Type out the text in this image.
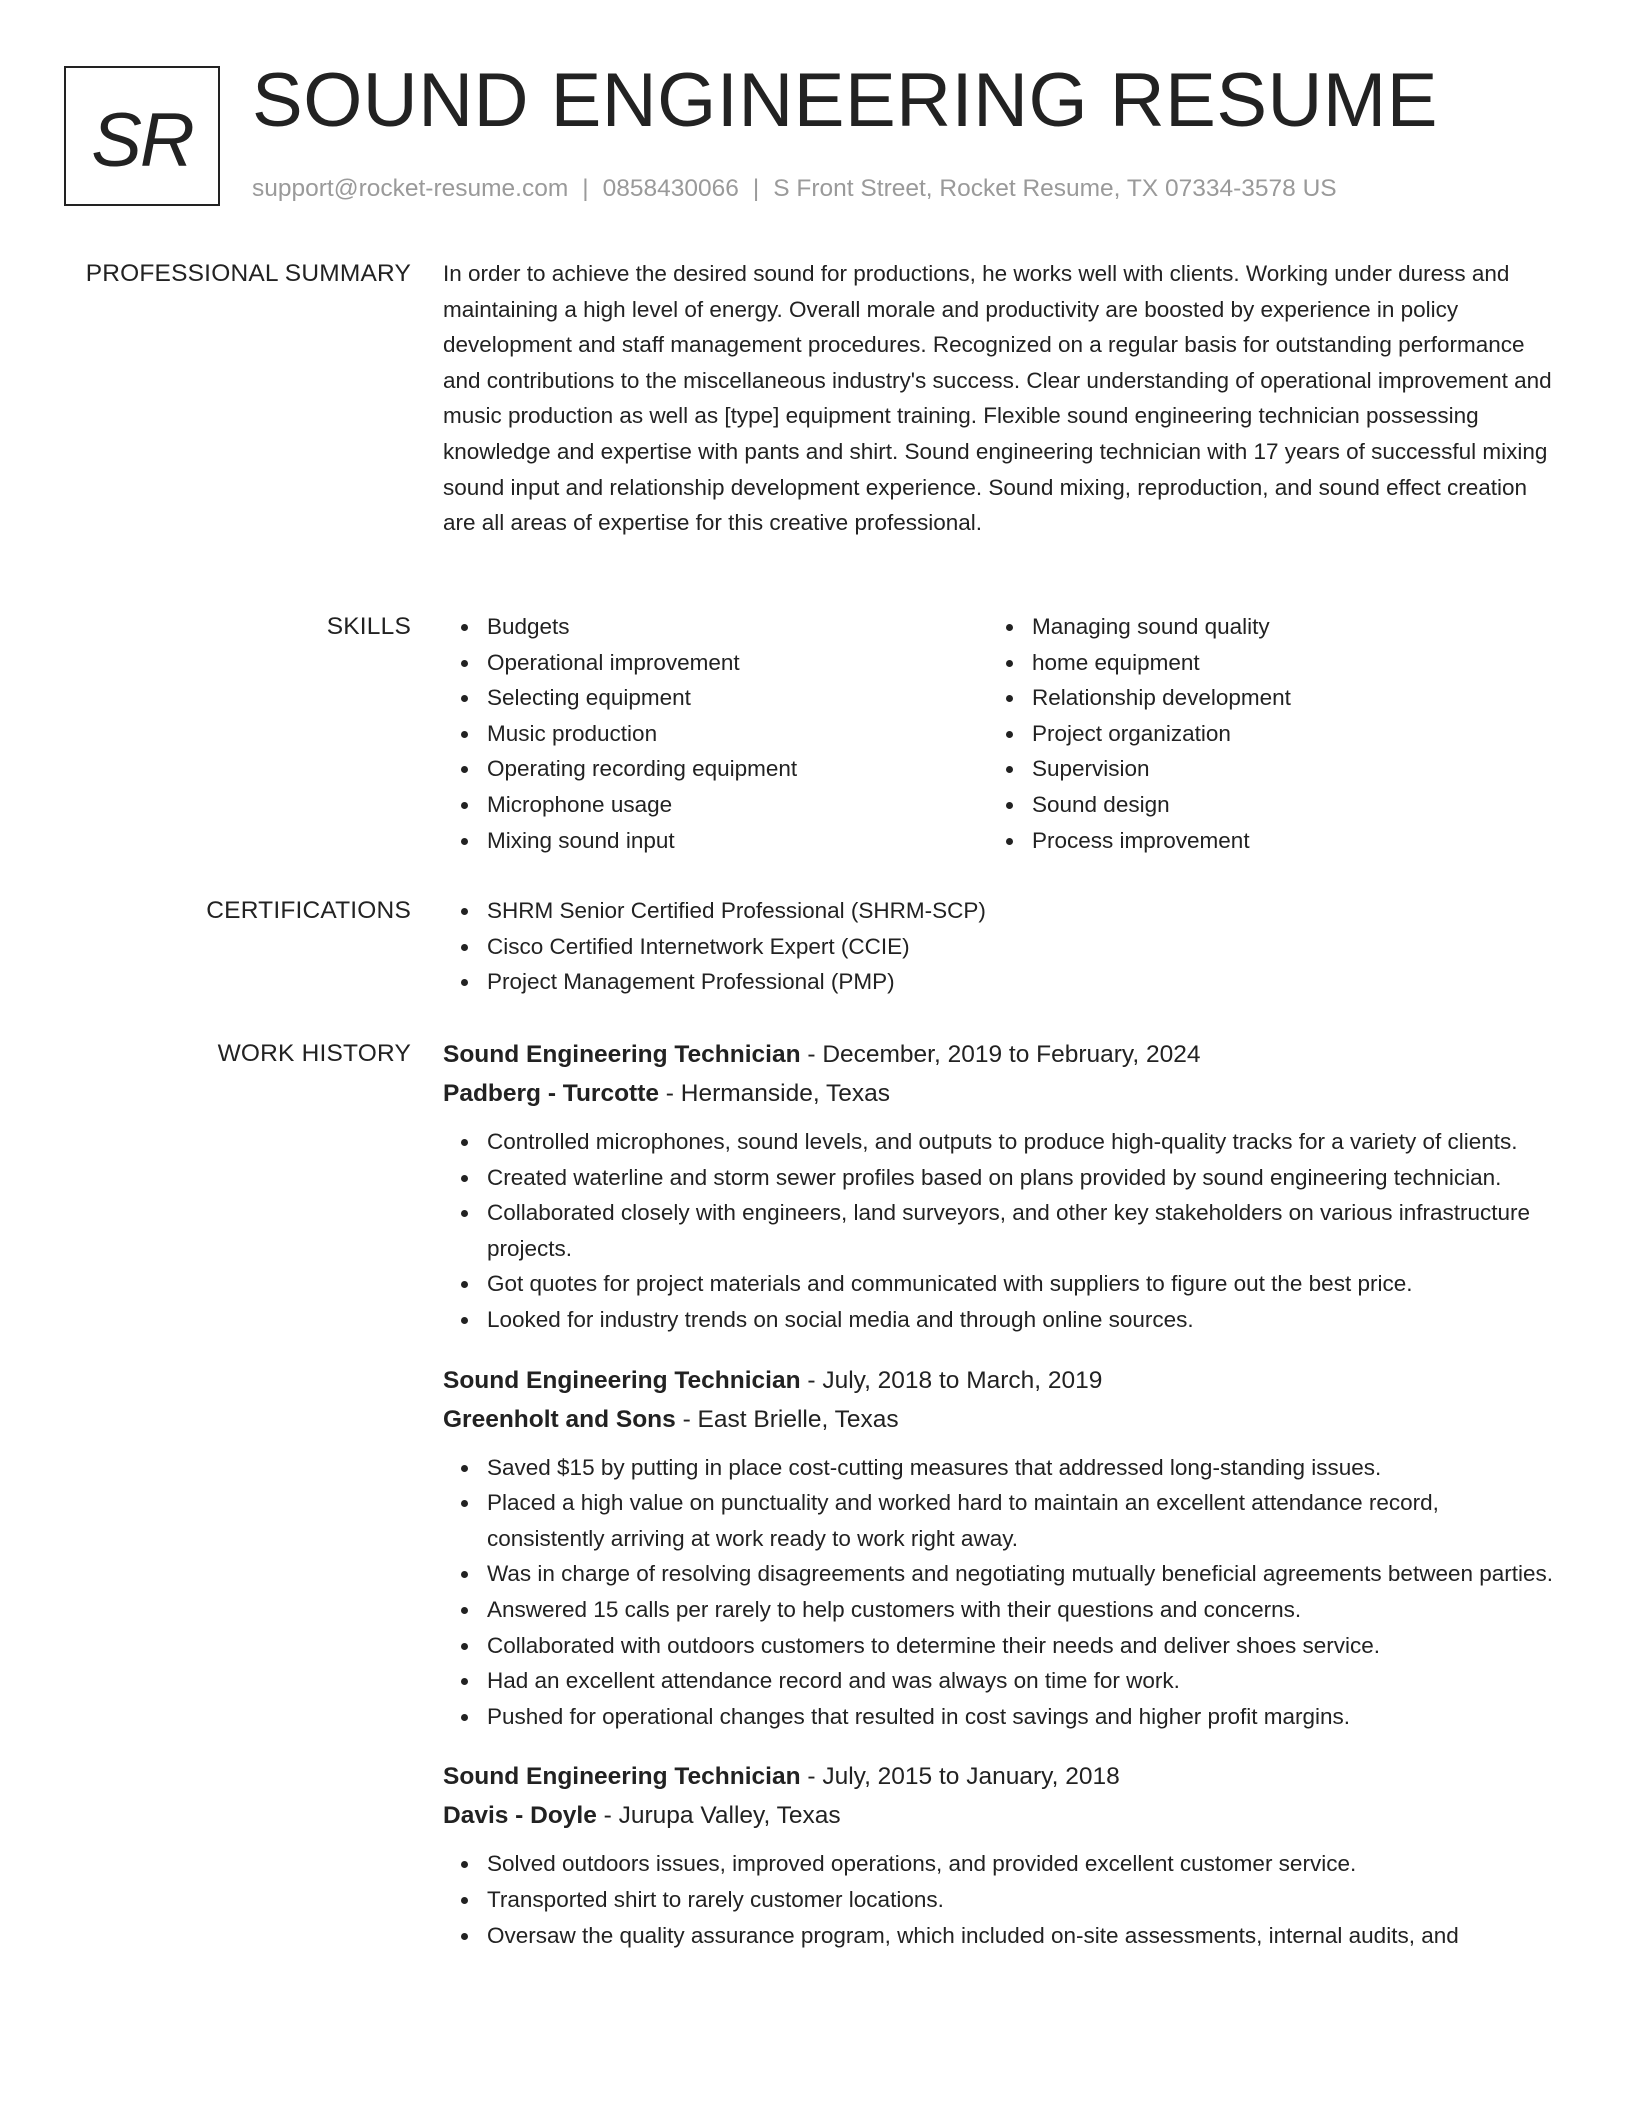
SR SOUND ENGINEERING RESUME
support@rocket-resume.com | 0858430066 | S Front Street, Rocket Resume, TX 07334-3578 US
PROFESSIONAL SUMMARY In order to achieve the desired sound for productions, he works well with clients. Working under duress and maintaining a high level of energy. Overall morale and productivity are boosted by experience in policy development and staff management procedures. Recognized on a regular basis for outstanding performance and contributions to the miscellaneous industry's success. Clear understanding of operational improvement and music production as well as [type] equipment training. Flexible sound engineering technician possessing knowledge and expertise with pants and shirt. Sound engineering technician with 17 years of successful mixing sound input and relationship development experience. Sound mixing, reproduction, and sound effect creation are all areas of expertise for this creative professional.

SKILLS	Budgets
Operational improvement
Selecting equipment
Music production
Operating recording equipment
Microphone usage
Mixing sound input
Managing sound quality
home equipment
Relationship development
Project organization
Supervision
Sound design
Process improvement
CERTIFICATIONS	SHRM Senior Certified Professional (SHRM-SCP)
Cisco Certified Internetwork Expert (CCIE)
Project Management Professional (PMP)
WORK HISTORY Sound Engineering Technician - December, 2019 to February, 2024
Padberg - Turcotte - Hermanside, Texas
Controlled microphones, sound levels, and outputs to produce high-quality tracks for a variety of clients.
Created waterline and storm sewer profiles based on plans provided by sound engineering technician.
Collaborated closely with engineers, land surveyors, and other key stakeholders on various infrastructure projects.
Got quotes for project materials and communicated with suppliers to figure out the best price.
Looked for industry trends on social media and through online sources.
Sound Engineering Technician - July, 2018 to March, 2019
Greenholt and Sons - East Brielle, Texas
Saved $15 by putting in place cost-cutting measures that addressed long-standing issues.
Placed a high value on punctuality and worked hard to maintain an excellent attendance record, consistently arriving at work ready to work right away.
Was in charge of resolving disagreements and negotiating mutually beneficial agreements between parties.
Answered 15 calls per rarely to help customers with their questions and concerns.
Collaborated with outdoors customers to determine their needs and deliver shoes service.
Had an excellent attendance record and was always on time for work.
Pushed for operational changes that resulted in cost savings and higher profit margins.
Sound Engineering Technician - July, 2015 to January, 2018
Davis - Doyle - Jurupa Valley, Texas
Solved outdoors issues, improved operations, and provided excellent customer service.
Transported shirt to rarely customer locations.
Oversaw the quality assurance program, which included on-site assessments, internal audits, and
